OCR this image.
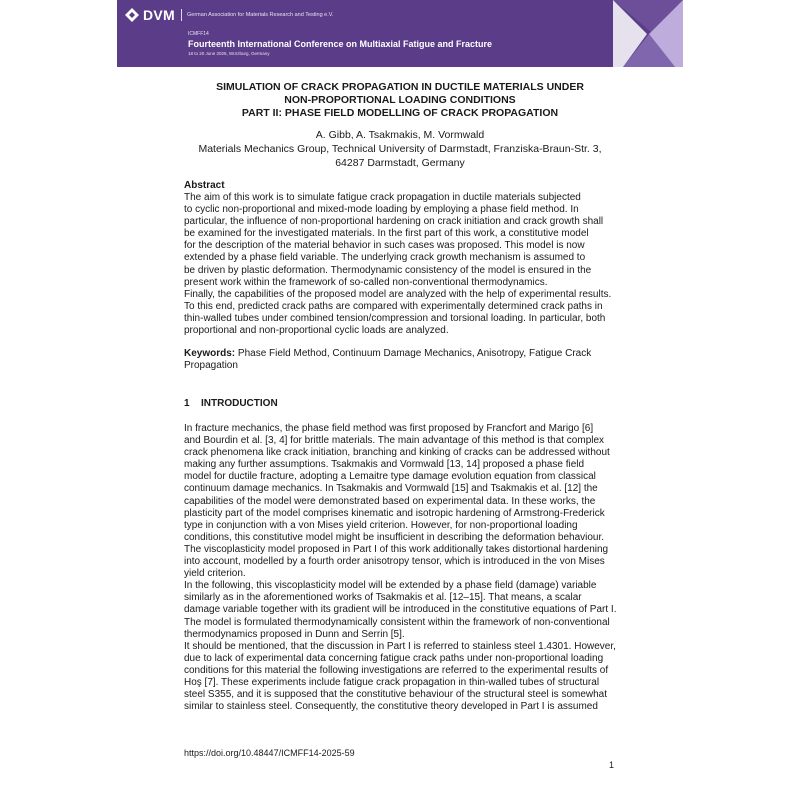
DVM German Association for Materials Research and Testing e.V.
ICMFF14
Fourteenth International Conference on Multiaxial Fatigue and Fracture
18 to 20 June 2025, Würzburg, Germany

SIMULATION OF CRACK PROPAGATION IN DUCTILE MATERIALS UNDER

NON-PROPORTIONAL LOADING CONDITIONS

PART II: PHASE FIELD MODELLING OF CRACK PROPAGATION

A. Gibb, A. Tsakmakis, M. Vormwald
Materials Mechanics Group, Technical University of Darmstadt, Franziska-Braun-Str. 3,
64287 Darmstadt, Germany
Abstract
The aim of this work is to simulate fatigue crack propagation in ductile materials subjected
to cyclic non-proportional and mixed-mode loading by employing a phase field method. In
particular, the influence of non-proportional hardening on crack initiation and crack growth shall
be examined for the investigated materials. In the first part of this work, a constitutive model
for the description of the material behavior in such cases was proposed. This model is now
extended by a phase field variable. The underlying crack growth mechanism is assumed to
be driven by plastic deformation. Thermodynamic consistency of the model is ensured in the
present work within the framework of so-called non-conventional thermodynamics.
Finally, the capabilities of the proposed model are analyzed with the help of experimental results.
To this end, predicted crack paths are compared with experimentally determined crack paths in
thin-walled tubes under combined tension/compression and torsional loading. In particular, both
proportional and non-proportional cyclic loads are analyzed.
Keywords: Phase Field Method, Continuum Damage Mechanics, Anisotropy, Fatigue Crack
Propagation
1 INTRODUCTION
In fracture mechanics, the phase field method was first proposed by Francfort and Marigo [6]
and Bourdin et al. [3, 4] for brittle materials. The main advantage of this method is that complex
crack phenomena like crack initiation, branching and kinking of cracks can be addressed without
making any further assumptions. Tsakmakis and Vormwald [13, 14] proposed a phase field
model for ductile fracture, adopting a Lemaitre type damage evolution equation from classical
continuum damage mechanics. In Tsakmakis and Vormwald [15] and Tsakmakis et al. [12] the
capabilities of the model were demonstrated based on experimental data. In these works, the
plasticity part of the model comprises kinematic and isotropic hardening of Armstrong-Frederick
type in conjunction with a von Mises yield criterion. However, for non-proportional loading
conditions, this constitutive model might be insufficient in describing the deformation behaviour.
The viscoplasticity model proposed in Part I of this work additionally takes distortional hardening
into account, modelled by a fourth order anisotropy tensor, which is introduced in the von Mises
yield criterion.
In the following, this viscoplasticity model will be extended by a phase field (damage) variable
similarly as in the aforementioned works of Tsakmakis et al. [12–15]. That means, a scalar
damage variable together with its gradient will be introduced in the constitutive equations of Part I.
The model is formulated thermodynamically consistent within the framework of non-conventional
thermodynamics proposed in Dunn and Serrin [5].
It should be mentioned, that the discussion in Part I is referred to stainless steel 1.4301. However,
due to lack of experimental data concerning fatigue crack paths under non-proportional loading
conditions for this material the following investigations are referred to the experimental results of
Hoş [7]. These experiments include fatigue crack propagation in thin-walled tubes of structural
steel S355, and it is supposed that the constitutive behaviour of the structural steel is somewhat
similar to stainless steel. Consequently, the constitutive theory developed in Part I is assumed
https://doi.org/10.48447/ICMFF14-2025-59
1
